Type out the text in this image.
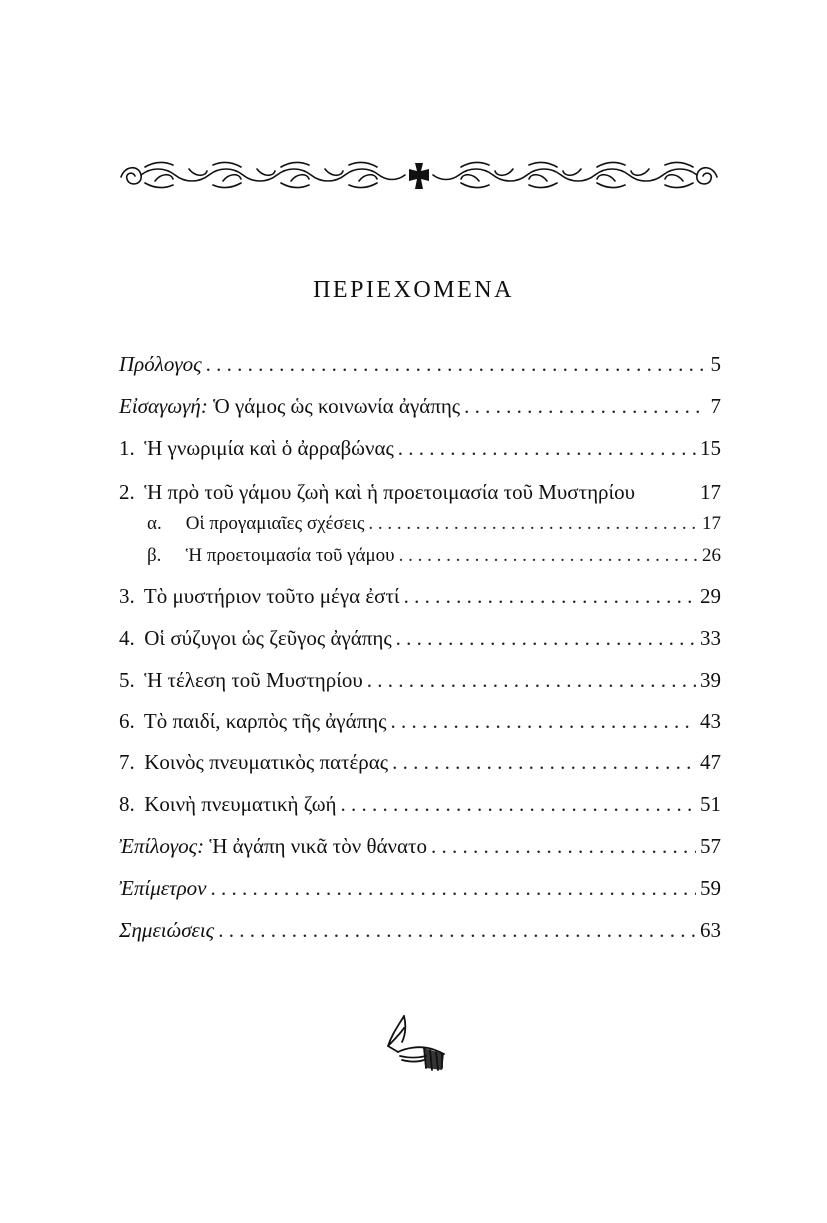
ΠΕΡΙΕΧΟΜΕΝΑ
Πρόλογος . . .	5
Εἰσαγωγή: Ὁ γάμος ὡς κοινωνία ἀγάπης . . .	7
1. Ἡ γνωριμία καὶ ὁ ἀρραβώνας . . .	15
2. Ἡ πρὸ τοῦ γάμου ζωὴ καὶ ἡ προετοιμασία τοῦ Μυστηρίου	17
α. Οἱ προγαμιαῖες σχέσεις . . .	17
β. Ἡ προετοιμασία τοῦ γάμου . . .	26
3. Τὸ μυστήριον τοῦτο μέγα ἐστί . . .	29
4. Οἱ σύζυγοι ὡς ζεῦγος ἀγάπης . . .	33
5. Ἡ τέλεση τοῦ Μυστηρίου . . .	39
6. Τὸ παιδί, καρπὸς τῆς ἀγάπης . . .	43
7. Κοινὸς πνευματικὸς πατέρας . . .	47
8. Κοινὴ πνευματικὴ ζωή . . .	51
Ἐπίλογος: Ἡ ἀγάπη νικᾶ τὸν θάνατο . . .	57
Ἐπίμετρον . . .	59
Σημειώσεις . . .	63
